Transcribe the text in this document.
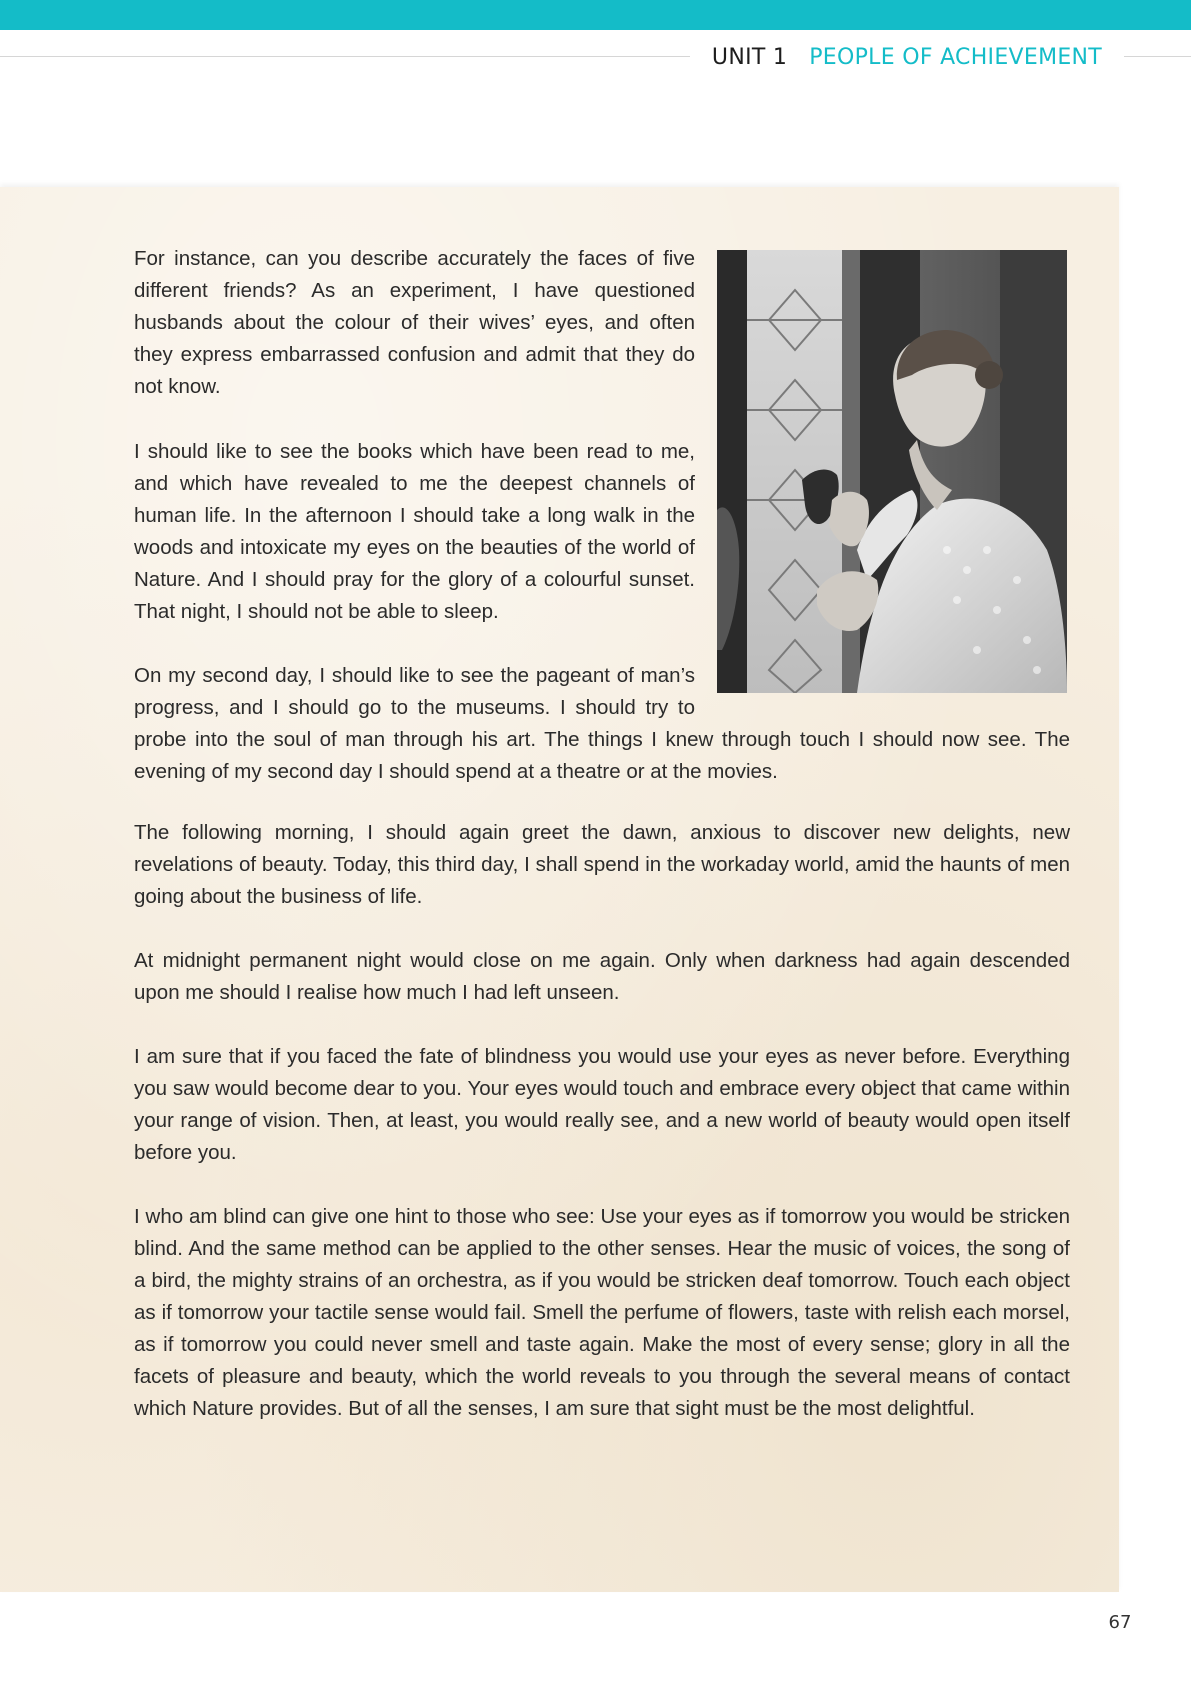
UNIT 1 PEOPLE OF ACHIEVEMENT
For instance, can you describe accurately the faces of five different friends? As an experiment, I have questioned husbands about the colour of their wives’ eyes, and often they express embarrassed confusion and admit that they do not know.
I should like to see the books which have been read to me, and which have revealed to me the deepest channels of human life. In the afternoon I should take a long walk in the woods and intoxicate my eyes on the beauties of the world of Nature. And I should pray for the glory of a colourful sunset. That night, I should not be able to sleep.
On my second day, I should like to see the pageant of man’s progress, and I should go to the museums. I should try to probe into the soul of man through his art. The things I knew through touch I should now see. The evening of my second day I should spend at a theatre or at the movies.
The following morning, I should again greet the dawn, anxious to discover new delights, new revelations of beauty. Today, this third day, I shall spend in the workaday world, amid the haunts of men going about the business of life.
At midnight permanent night would close on me again. Only when darkness had again descended upon me should I realise how much I had left unseen.
I am sure that if you faced the fate of blindness you would use your eyes as never before. Everything you saw would become dear to you. Your eyes would touch and embrace every object that came within your range of vision. Then, at least, you would really see, and a new world of beauty would open itself before you.
I who am blind can give one hint to those who see: Use your eyes as if tomorrow you would be stricken blind. And the same method can be applied to the other senses. Hear the music of voices, the song of a bird, the mighty strains of an orchestra, as if you would be stricken deaf tomorrow. Touch each object as if tomorrow your tactile sense would fail. Smell the perfume of flowers, taste with relish each morsel, as if tomorrow you could never smell and taste again. Make the most of every sense; glory in all the facets of pleasure and beauty, which the world reveals to you through the several means of contact which Nature provides. But of all the senses, I am sure that sight must be the most delightful.
67
